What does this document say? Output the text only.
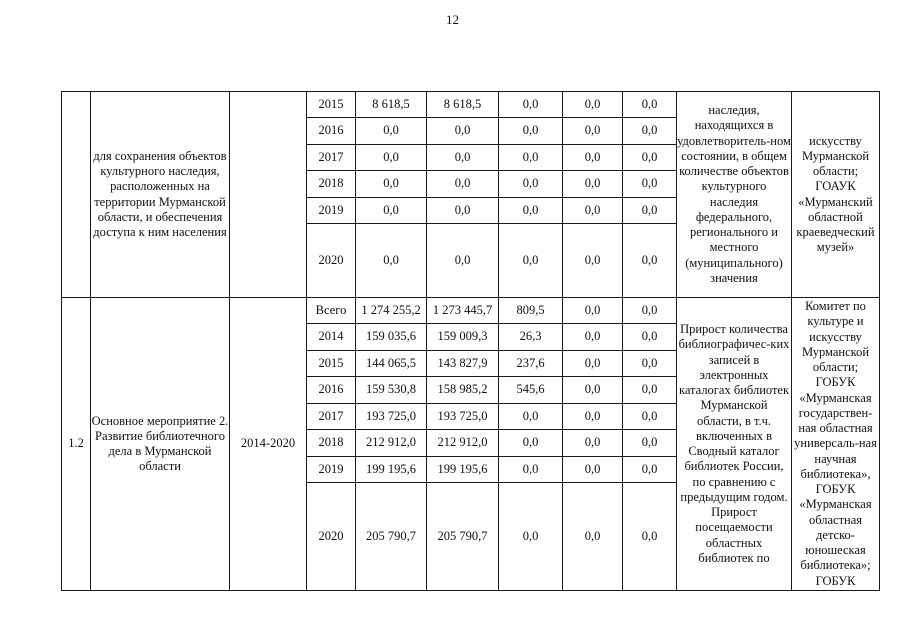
12
	для сохранения объектов культурного наследия, расположенных на территории Мурманской области, и обеспечения доступа к ним населения		2015	8 618,5	8 618,5	0,0	0,0	0,0	наследия, находящихся в удовлетворитель-ном состоянии, в общем количестве объектов культурного наследия федерального, регионального и местного (муниципального) значения	искусству Мурманской области; ГОАУК «Мурманский областной краеведческий музей»
			2016	0,0	0,0	0,0	0,0	0,0		
			2017	0,0	0,0	0,0	0,0	0,0		
			2018	0,0	0,0	0,0	0,0	0,0		
			2019	0,0	0,0	0,0	0,0	0,0		
			2020	0,0	0,0	0,0	0,0	0,0		
1.2	Основное мероприятие 2. Развитие библиотечного дела в Мурманской области	2014-2020	Всего	1 274 255,2	1 273 445,7	809,5	0,0	0,0	Прирост количества библиографичес-ких записей в электронных каталогах библиотек Мурманской области, в т.ч. включенных в Сводный каталог библиотек России, по сравнению с предыдущим годом. Прирост посещаемости областных библиотек по	Комитет по культуре и искусству Мурманской области; ГОБУК «Мурманская государствен-ная областная универсаль-ная научная библиотека», ГОБУК «Мурманская областная детско-юношеская библиотека»; ГОБУК
			2014	159 035,6	159 009,3	26,3	0,0	0,0		
			2015	144 065,5	143 827,9	237,6	0,0	0,0		
			2016	159 530,8	158 985,2	545,6	0,0	0,0		
			2017	193 725,0	193 725,0	0,0	0,0	0,0		
			2018	212 912,0	212 912,0	0,0	0,0	0,0		
			2019	199 195,6	199 195,6	0,0	0,0	0,0		
			2020	205 790,7	205 790,7	0,0	0,0	0,0		
